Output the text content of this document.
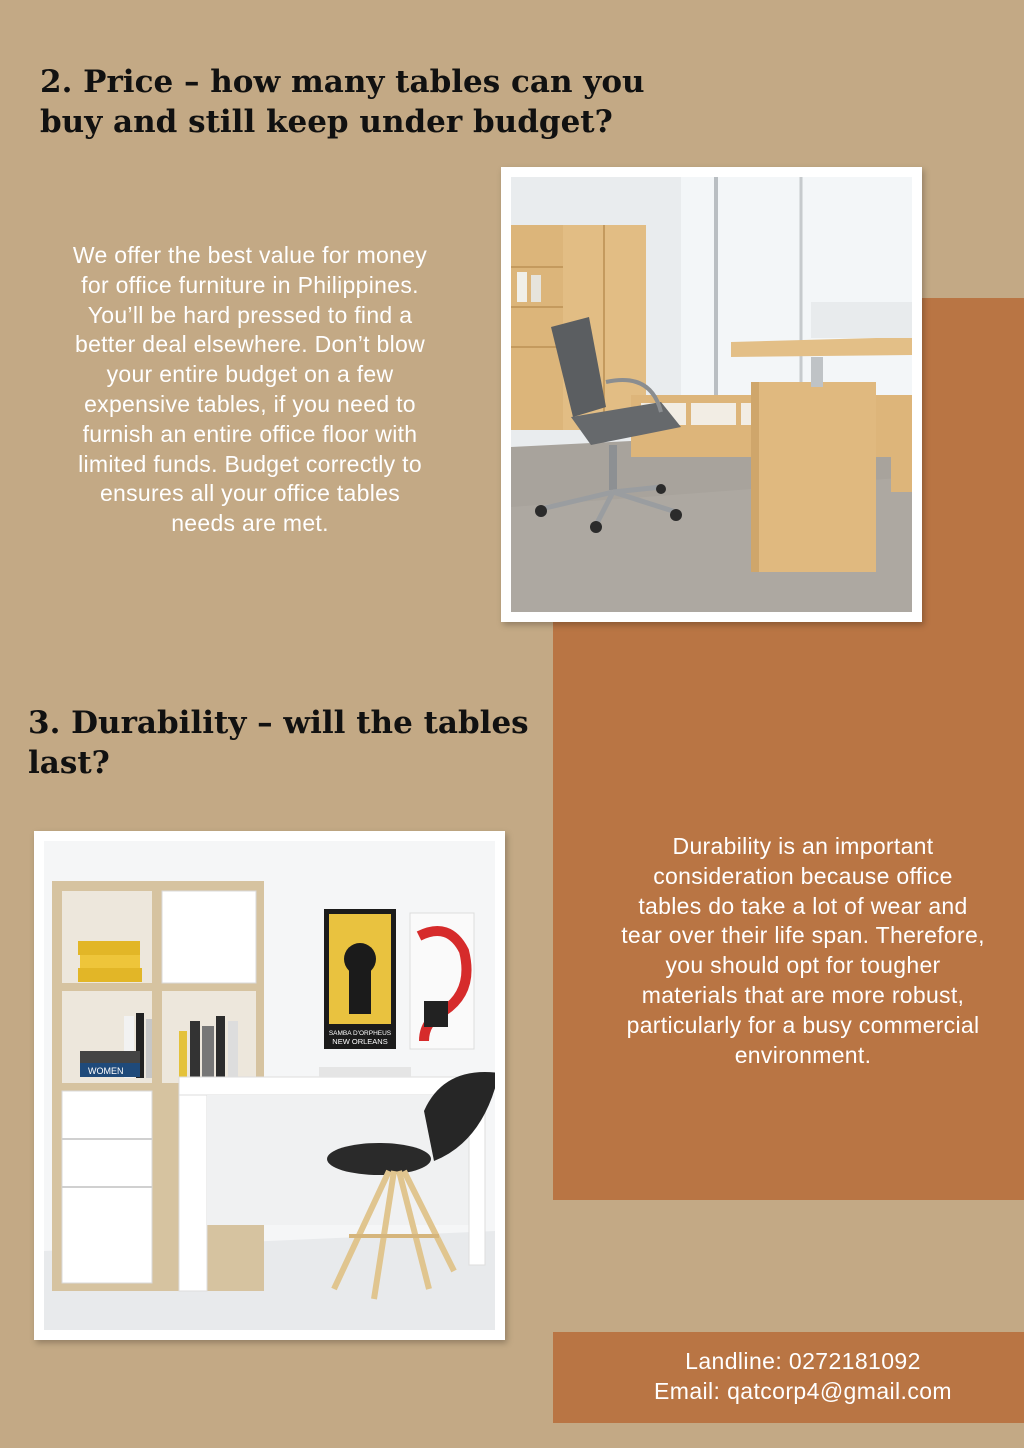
2. Price – how many tables can you
buy and still keep under budget?

We offer the best value for money
for office furniture in Philippines.
You’ll be hard pressed to find a
better deal elsewhere. Don’t blow
your entire budget on a few
expensive tables, if you need to
furnish an entire office floor with
limited funds. Budget correctly to
ensures all your office tables
needs are met.

3. Durability – will the tables
last?
WOMEN
SAMBA D'ORPHEUS
NEW ORLEANS

Durability is an important
consideration because office
tables do take a lot of wear and
tear over their life span. Therefore,
you should opt for tougher
materials that are more robust,
particularly for a busy commercial
environment.

Landline: 0272181092
Email: qatcorp4@gmail.com
